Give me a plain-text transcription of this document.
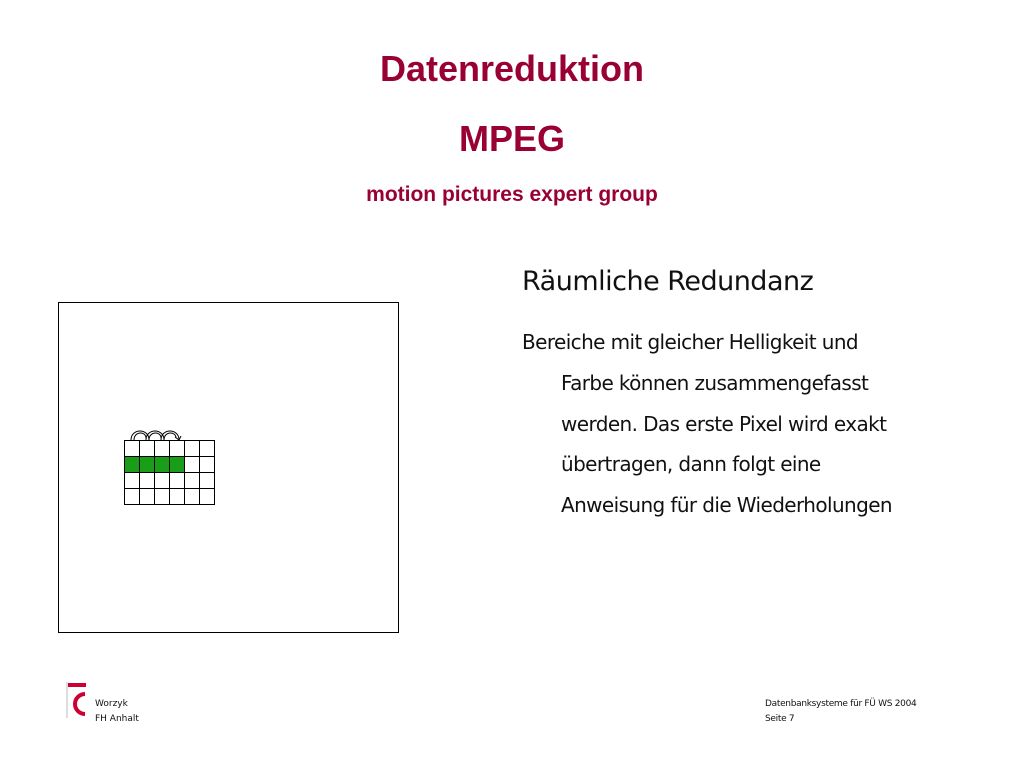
Datenreduktion
MPEG
motion pictures expert group
Räumliche Redundanz
Bereiche mit gleicher Helligkeit und
Farbe können zusammengefasst
werden. Das erste Pixel wird exakt
übertragen, dann folgt eine
Anweisung für die Wiederholungen
Worzyk
FH Anhalt
Datenbanksysteme für FÜ WS 2004
Seite 7
